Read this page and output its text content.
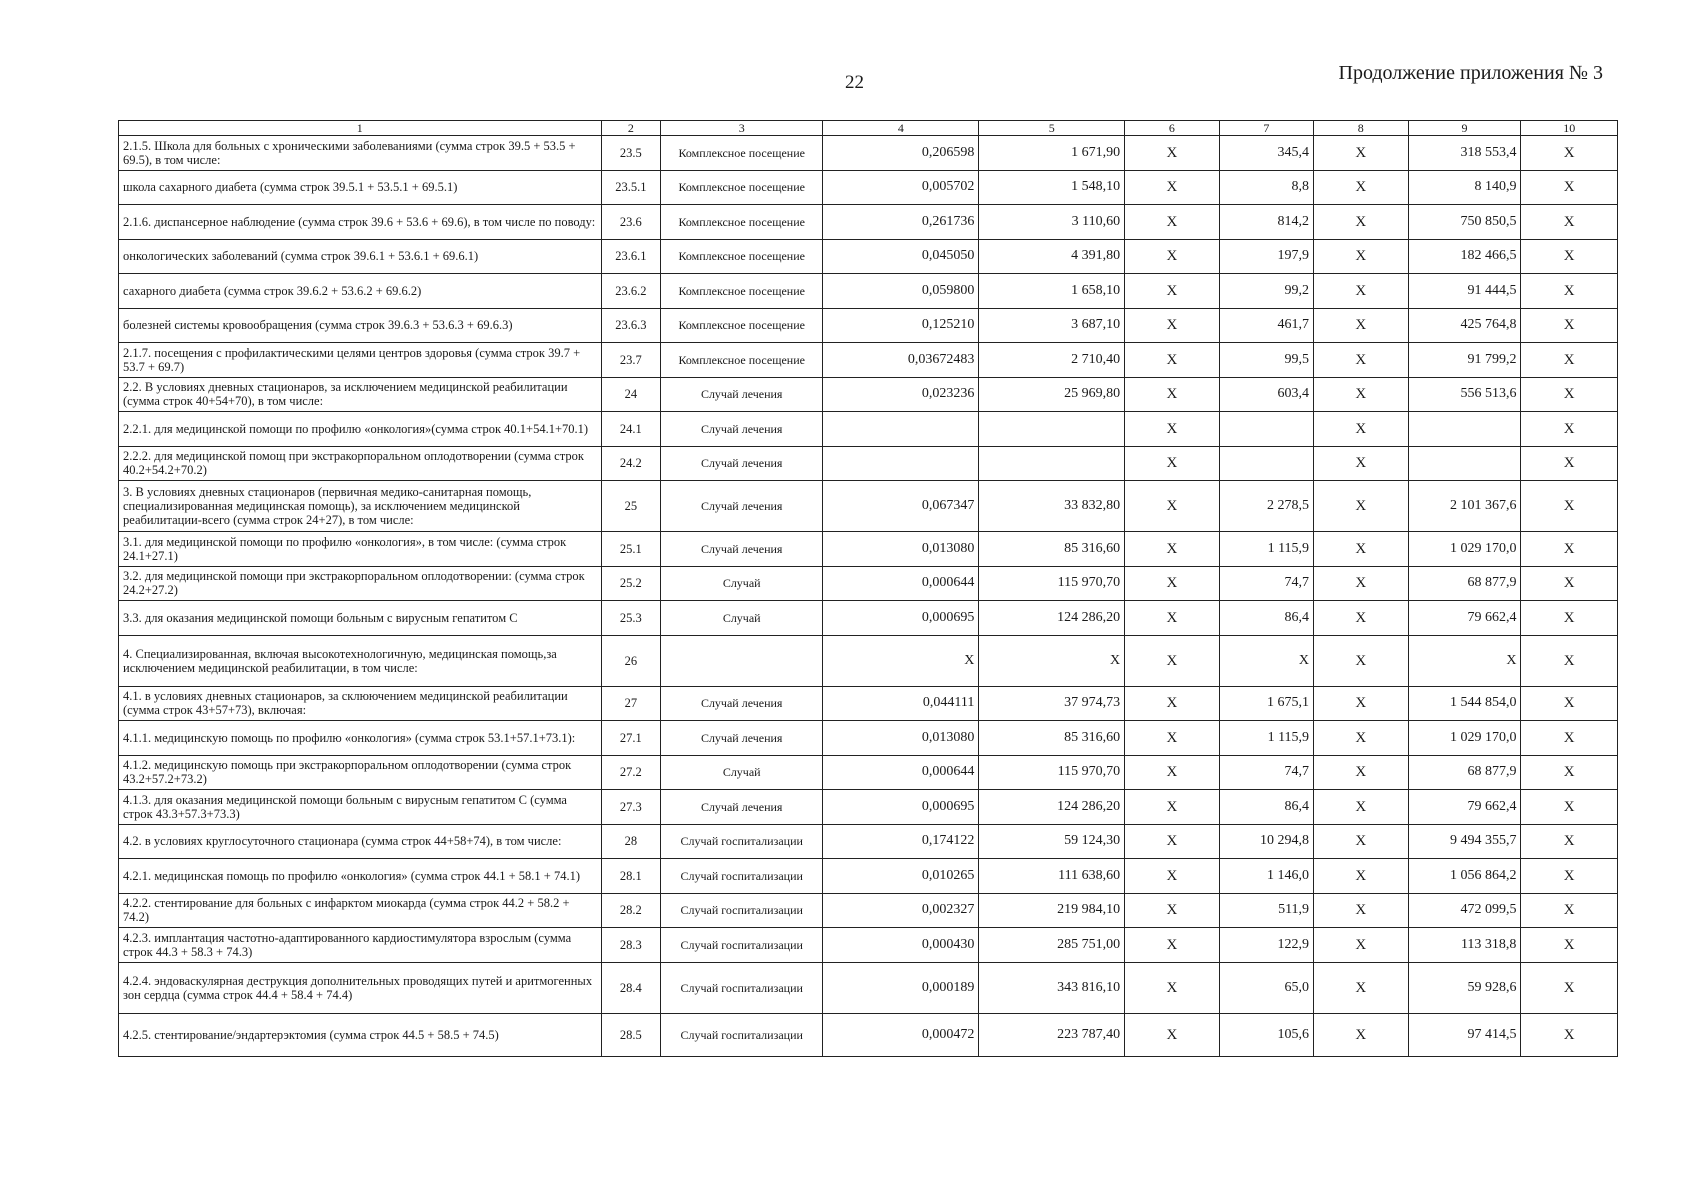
22	Продолжение приложения № 3
1	2	3	4	5	6	7	8	9	10
2.1.5. Школа для больных с хроническими заболеваниями (сумма строк 39.5 + 53.5 + 69.5), в том числе:	23.5	Комплексное посещение	0,206598	1 671,90	X	345,4	X	318 553,4	X
школа сахарного диабета (сумма строк 39.5.1 + 53.5.1 + 69.5.1)	23.5.1	Комплексное посещение	0,005702	1 548,10	X	8,8	X	8 140,9	X
2.1.6. диспансерное наблюдение (сумма строк 39.6 + 53.6 + 69.6), в том числе по поводу:	23.6	Комплексное посещение	0,261736	3 110,60	X	814,2	X	750 850,5	X
онкологических заболеваний (сумма строк 39.6.1 + 53.6.1 + 69.6.1)	23.6.1	Комплексное посещение	0,045050	4 391,80	X	197,9	X	182 466,5	X
сахарного диабета (сумма строк 39.6.2 + 53.6.2 + 69.6.2)	23.6.2	Комплексное посещение	0,059800	1 658,10	X	99,2	X	91 444,5	X
болезней системы кровообращения (сумма строк 39.6.3 + 53.6.3 + 69.6.3)	23.6.3	Комплексное посещение	0,125210	3 687,10	X	461,7	X	425 764,8	X
2.1.7. посещения с профилактическими целями центров здоровья (сумма строк 39.7 + 53.7 + 69.7)	23.7	Комплексное посещение	0,03672483	2 710,40	X	99,5	X	91 799,2	X
2.2. В условиях дневных стационаров, за исключением медицинской реабилитации (сумма строк 40+54+70), в том числе:	24	Случай лечения	0,023236	25 969,80	X	603,4	X	556 513,6	X
2.2.1. для медицинской помощи по профилю «онкология»(сумма строк 40.1+54.1+70.1)	24.1	Случай лечения			X		X		X
2.2.2. для медицинской помощ при экстракорпоральном оплодотворении (сумма строк 40.2+54.2+70.2)	24.2	Случай лечения			X		X		X
3. В условиях дневных стационаров (первичная медико-санитарная помощь, специализированная медицинская помощь), за исключением медицинской реабилитации-всего (сумма строк 24+27), в том числе:	25	Случай лечения	0,067347	33 832,80	X	2 278,5	X	2 101 367,6	X
3.1. для медицинской помощи по профилю «онкология», в том числе: (сумма строк 24.1+27.1)	25.1	Случай лечения	0,013080	85 316,60	X	1 115,9	X	1 029 170,0	X
3.2. для медицинской помощи при экстракорпоральном оплодотворении: (сумма строк 24.2+27.2)	25.2	Случай	0,000644	115 970,70	X	74,7	X	68 877,9	X
3.3. для оказания медицинской помощи больным с вирусным гепатитом С	25.3	Случай	0,000695	124 286,20	X	86,4	X	79 662,4	X
4. Специализированная, включая высокотехнологичную, медицинская помощь,за исключением медицинской реабилитации, в том числе:	26		X	X	X	X	X	X	X
4.1. в условиях дневных стационаров, за склюючением медицинской реабилитации (сумма строк 43+57+73), включая:	27	Случай лечения	0,044111	37 974,73	X	1 675,1	X	1 544 854,0	X
4.1.1. медицинскую помощь по профилю «онкология» (сумма строк 53.1+57.1+73.1):	27.1	Случай лечения	0,013080	85 316,60	X	1 115,9	X	1 029 170,0	X
4.1.2. медицинскую помощь при экстракорпоральном оплодотворении (сумма строк 43.2+57.2+73.2)	27.2	Случай	0,000644	115 970,70	X	74,7	X	68 877,9	X
4.1.3. для оказания медицинской помощи больным с вирусным гепатитом С (сумма строк 43.3+57.3+73.3)	27.3	Случай лечения	0,000695	124 286,20	X	86,4	X	79 662,4	X
4.2. в условиях круглосуточного стационара (сумма строк 44+58+74), в том числе:	28	Случай госпитализации	0,174122	59 124,30	X	10 294,8	X	9 494 355,7	X
4.2.1. медицинская помощь по профилю «онкология» (сумма строк 44.1 + 58.1 + 74.1)	28.1	Случай госпитализации	0,010265	111 638,60	X	1 146,0	X	1 056 864,2	X
4.2.2. стентирование для больных с инфарктом миокарда (сумма строк 44.2 + 58.2 + 74.2)	28.2	Случай госпитализации	0,002327	219 984,10	X	511,9	X	472 099,5	X
4.2.3. имплантация частотно-адаптированного кардиостимулятора взрослым (сумма строк 44.3 + 58.3 + 74.3)	28.3	Случай госпитализации	0,000430	285 751,00	X	122,9	X	113 318,8	X
4.2.4. эндоваскулярная деструкция дополнительных проводящих путей и аритмогенных зон сердца (сумма строк 44.4 + 58.4 + 74.4)	28.4	Случай госпитализации	0,000189	343 816,10	X	65,0	X	59 928,6	X
4.2.5. стентирование/эндартерэктомия (сумма строк 44.5 + 58.5 + 74.5)	28.5	Случай госпитализации	0,000472	223 787,40	X	105,6	X	97 414,5	X
